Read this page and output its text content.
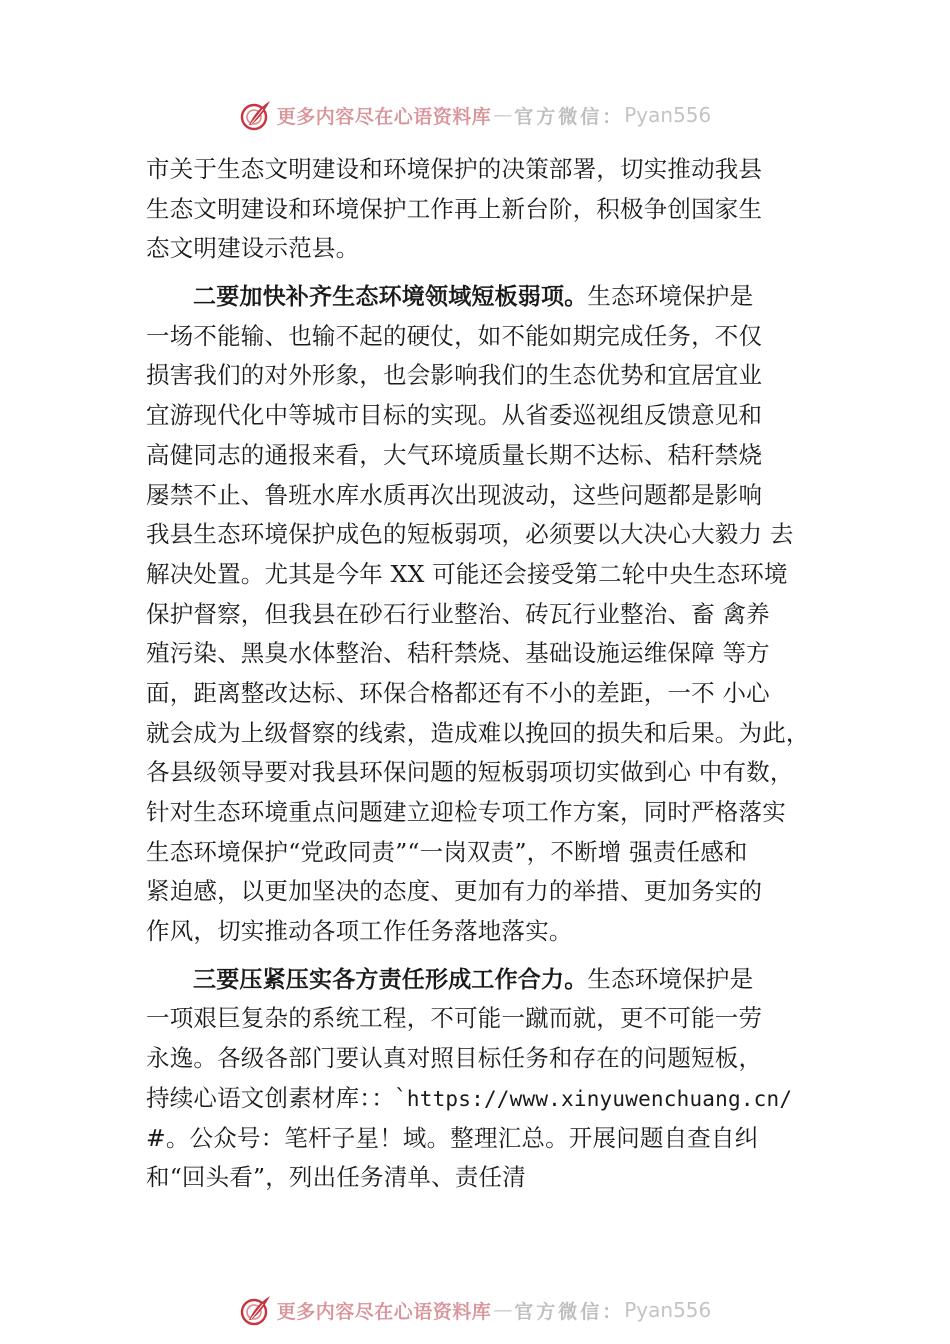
更多内容尽在心语资料库 — 官方微信： Pyan556
市关于生态文明建设和环境保护的决策部署，切实推动我县
生态文明建设和环境保护工作再上新台阶，积极争创国家生
态文明建设示范县。
二要加快补齐生态环境领域短板弱项。生态环境保护是
一场不能输、也输不起的硬仗，如不能如期完成任务，不仅
损害我们的对外形象，也会影响我们的生态优势和宜居宜业
宜游现代化中等城市目标的实现。从省委巡视组反馈意见和
高健同志的通报来看，大气环境质量长期不达标、秸秆禁烧
屡禁不止、鲁班水库水质再次出现波动，这些问题都是影响
我县生态环境保护成色的短板弱项，必须要以大决心大毅力 去
解决处置。尤其是今年 XX 可能还会接受第二轮中央生态环境
保护督察，但我县在砂石行业整治、砖瓦行业整治、畜 禽养
殖污染、黑臭水体整治、秸秆禁烧、基础设施运维保障 等方
面，距离整改达标、环保合格都还有不小的差距，一不 小心
就会成为上级督察的线索，造成难以挽回的损失和后果。为此，
各县级领导要对我县环保问题的短板弱项切实做到心 中有数，
针对生态环境重点问题建立迎检专项工作方案，同时严格落实
生态环境保护“党政同责”“一岗双责”，不断增 强责任感和
紧迫感，以更加坚决的态度、更加有力的举措、更加务实的
作风，切实推动各项工作任务落地落实。
三要压紧压实各方责任形成工作合力。生态环境保护是
一项艰巨复杂的系统工程，不可能一蹴而就，更不可能一劳
永逸。各级各部门要认真对照目标任务和存在的问题短板，
持续心语文创素材库：：`https://www.xinyuwenchuang.cn/
#。公众号：笔杆子星！域。整理汇总。开展问题自查自纠
和“回头看”，列出任务清单、责任清
更多内容尽在心语资料库 — 官方微信： Pyan556
